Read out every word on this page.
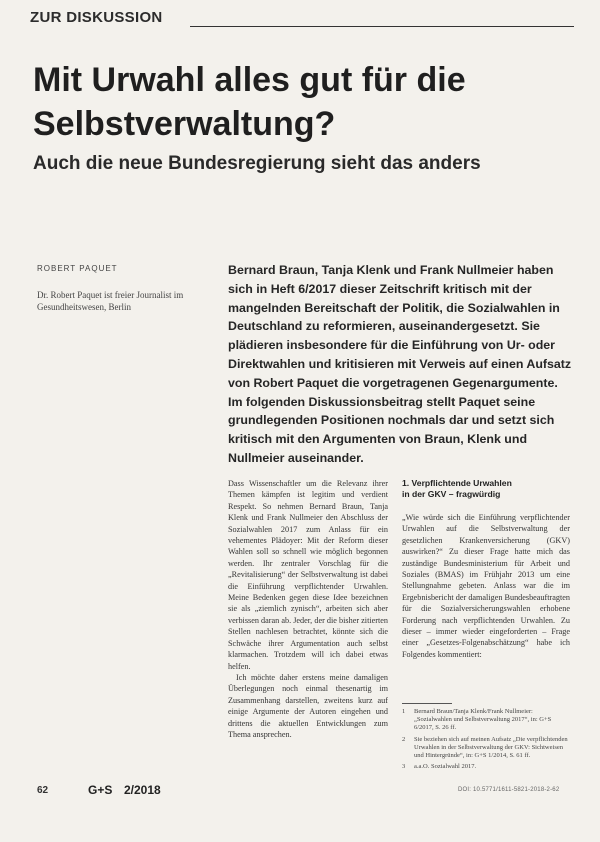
ZUR DISKUSSION
Mit Urwahl alles gut für die Selbstverwaltung?
Auch die neue Bundesregierung sieht das anders
ROBERT PAQUET
Dr. Robert Paquet ist freier Journalist im Gesundheitswesen, Berlin

Bernard Braun, Tanja Klenk und Frank Nullmeier haben sich in Heft 6/2017 dieser Zeitschrift kritisch mit der mangelnden Bereitschaft der Politik, die Sozialwahlen in Deutschland zu reformieren, auseinandergesetzt. Sie plädieren insbesondere für die Einführung von Ur- oder Direktwahlen und kritisieren mit Verweis auf einen Aufsatz von Robert Paquet die vorgetragenen Gegenargumente. Im folgenden Diskussionsbeitrag stellt Paquet seine grundlegenden Positionen nochmals dar und setzt sich kritisch mit den Argumenten von Braun, Klenk und Nullmeier auseinander.

Dass Wissenschaftler um die Relevanz ihrer Themen kämpfen ist legitim und verdient Respekt. So nehmen Bernard Braun, Tanja Klenk und Frank Nullmeier den Abschluss der Sozialwahlen 2017 zum Anlass für ein vehementes Plädoyer: Mit der Reform dieser Wahlen soll so schnell wie möglich begonnen werden. Ihr zentraler Vorschlag für die „Revitalisierung“ der Selbstverwaltung ist dabei die Einführung verpflichtender Urwahlen. Meine Bedenken gegen diese Idee bezeichnen sie als „ziemlich zynisch“, arbeiten sich aber verbissen daran ab. Jeder, der die bisher zitierten Stellen nachlesen betrachtet, könnte sich die Schwäche ihrer Argumentation auch selbst klarmachen. Trotzdem will ich dabei etwas helfen.

Ich möchte daher erstens meine damaligen Überlegungen noch einmal thesenartig im Zusammenhang darstellen, zweitens kurz auf einige Argumente der Autoren eingehen und drittens die aktuellen Entwicklungen zum Thema ansprechen.

1. Verpflichtende Urwahlen
in der GKV – fragwürdig

„Wie würde sich die Einführung verpflichtender Urwahlen auf die Selbstverwaltung der gesetzlichen Krankenversicherung (GKV) auswirken?“ Zu dieser Frage hatte mich das zuständige Bundesministerium für Arbeit und Soziales (BMAS) im Frühjahr 2013 um eine Stellungnahme gebeten. Anlass war die im Ergebnisbericht der damaligen Bundesbeauftragten für die Sozialversicherungswahlen erhobene Forderung nach verpflichtenden Urwahlen. Zu dieser – immer wieder eingeforderten – Frage einer „Gesetzes-Folgenabschätzung“ habe ich Folgendes kommentiert:

1 Bernard Braun/Tanja Klenk/Frank Nullmeier: „Sozialwahlen und Selbstverwaltung 2017“, in: G+S 6/2017, S. 26 ff.
2 Sie beziehen sich auf meinen Aufsatz „Die verpflichtenden Urwahlen in der Selbstverwaltung der GKV: Sichtweisen und Hintergründe“, in: G+S 1/2014, S. 61 ff.
3 a.a.O. Sozialwahl 2017.
62	G+S 2/2018	DOI: 10.5771/1611-5821-2018-2-62
